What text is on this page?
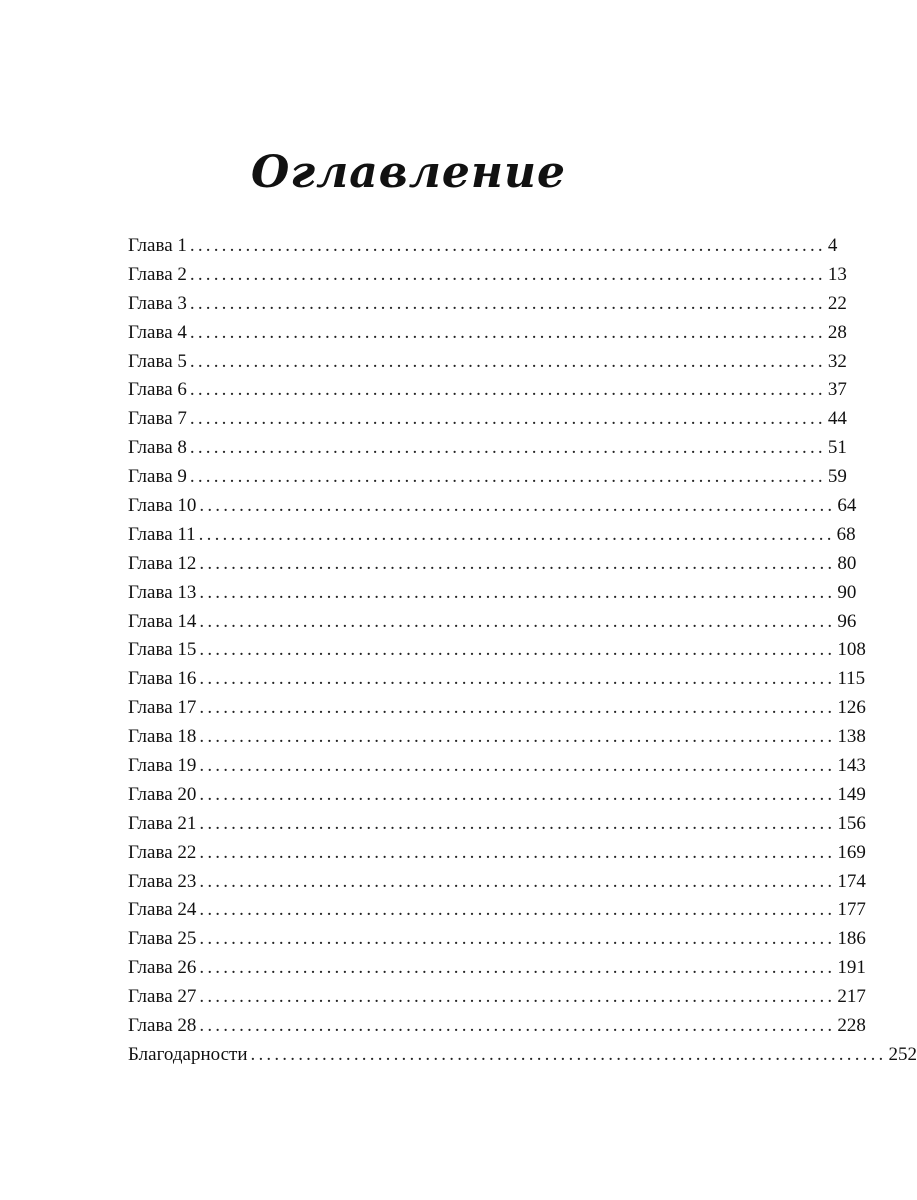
Оглавление
Глава 1 ................................................................................ 4
Глава 2 ................................................................................ 13
Глава 3 ................................................................................ 22
Глава 4 ................................................................................ 28
Глава 5 ................................................................................ 32
Глава 6 ................................................................................ 37
Глава 7 ................................................................................ 44
Глава 8 ................................................................................ 51
Глава 9 ................................................................................ 59
Глава 10 ................................................................................ 64
Глава 11 ................................................................................ 68
Глава 12 ................................................................................ 80
Глава 13 ................................................................................ 90
Глава 14 ................................................................................ 96
Глава 15 ................................................................................ 108
Глава 16 ................................................................................ 115
Глава 17 ................................................................................ 126
Глава 18 ................................................................................ 138
Глава 19 ................................................................................ 143
Глава 20 ................................................................................ 149
Глава 21 ................................................................................ 156
Глава 22 ................................................................................ 169
Глава 23 ................................................................................ 174
Глава 24 ................................................................................ 177
Глава 25 ................................................................................ 186
Глава 26 ................................................................................ 191
Глава 27 ................................................................................ 217
Глава 28 ................................................................................ 228
Благодарности ................................................................................ 252
